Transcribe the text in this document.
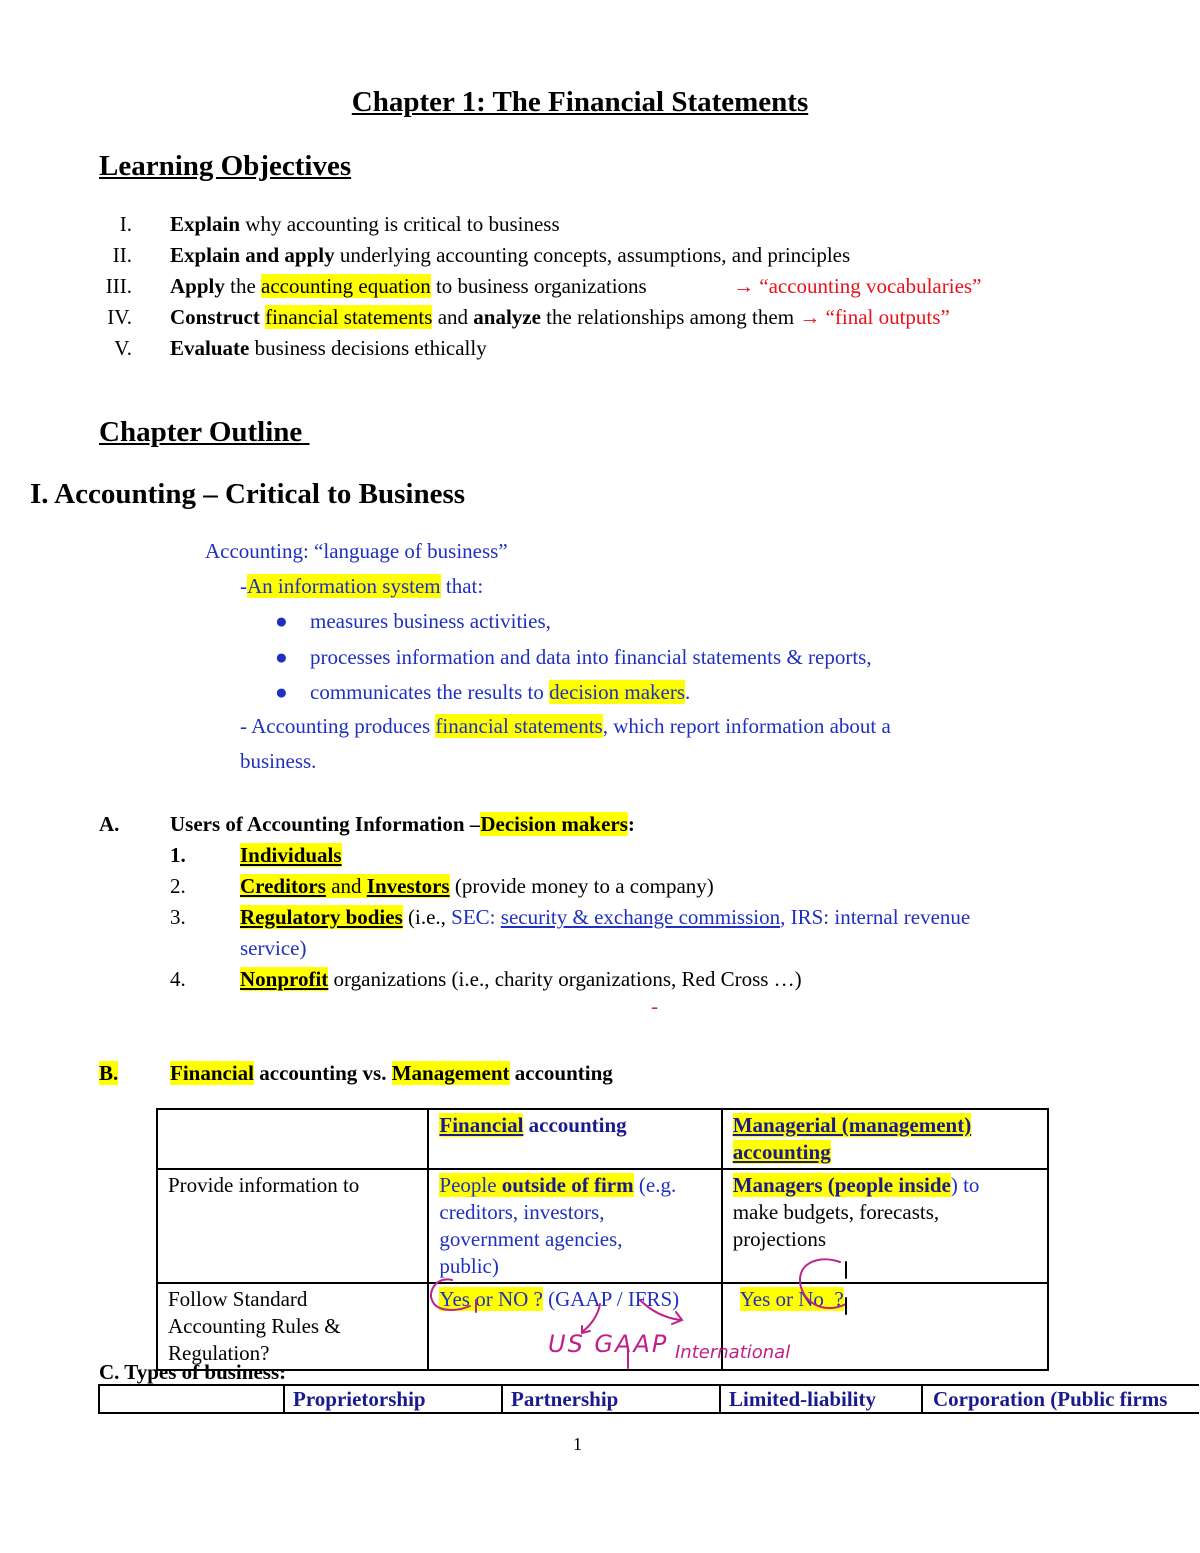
Chapter 1: The Financial Statements
Learning Objectives
I. Explain why accounting is critical to business
II. Explain and apply underlying accounting concepts, assumptions, and principles
III. Apply the accounting equation to business organizations	→ “accounting vocabularies”
IV. Construct financial statements and analyze the relationships among them → “final outputs”
V. Evaluate business decisions ethically
Chapter Outline
I. Accounting – Critical to Business
Accounting: “language of business”
-An information system that:
● measures business activities,
● processes information and data into financial statements & reports,
● communicates the results to decision makers.
- Accounting produces financial statements, which report information about a
business.
A. Users of Accounting Information –Decision makers:
1.	Individuals
2.	Creditors and Investors (provide money to a company)
3.	Regulatory bodies (i.e., SEC: security & exchange commission, IRS: internal revenue
service)
4.	Nonprofit organizations (i.e., charity organizations, Red Cross …)
-
B. Financial accounting vs. Management accounting
	Financial accounting	Managerial (management)
accounting
Provide information to	People outside of firm (e.g.
creditors, investors,
government agencies,
public)	Managers (people inside) to
make budgets, forecasts,
projections
Follow Standard
Accounting Rules &
Regulation?	Yes or NO ? (GAAP / IFRS)	Yes or No  ?
US GAAP International
C. Types of business:
	Proprietorship	Partnership	Limited-liability	Corporation (Public firms
1
